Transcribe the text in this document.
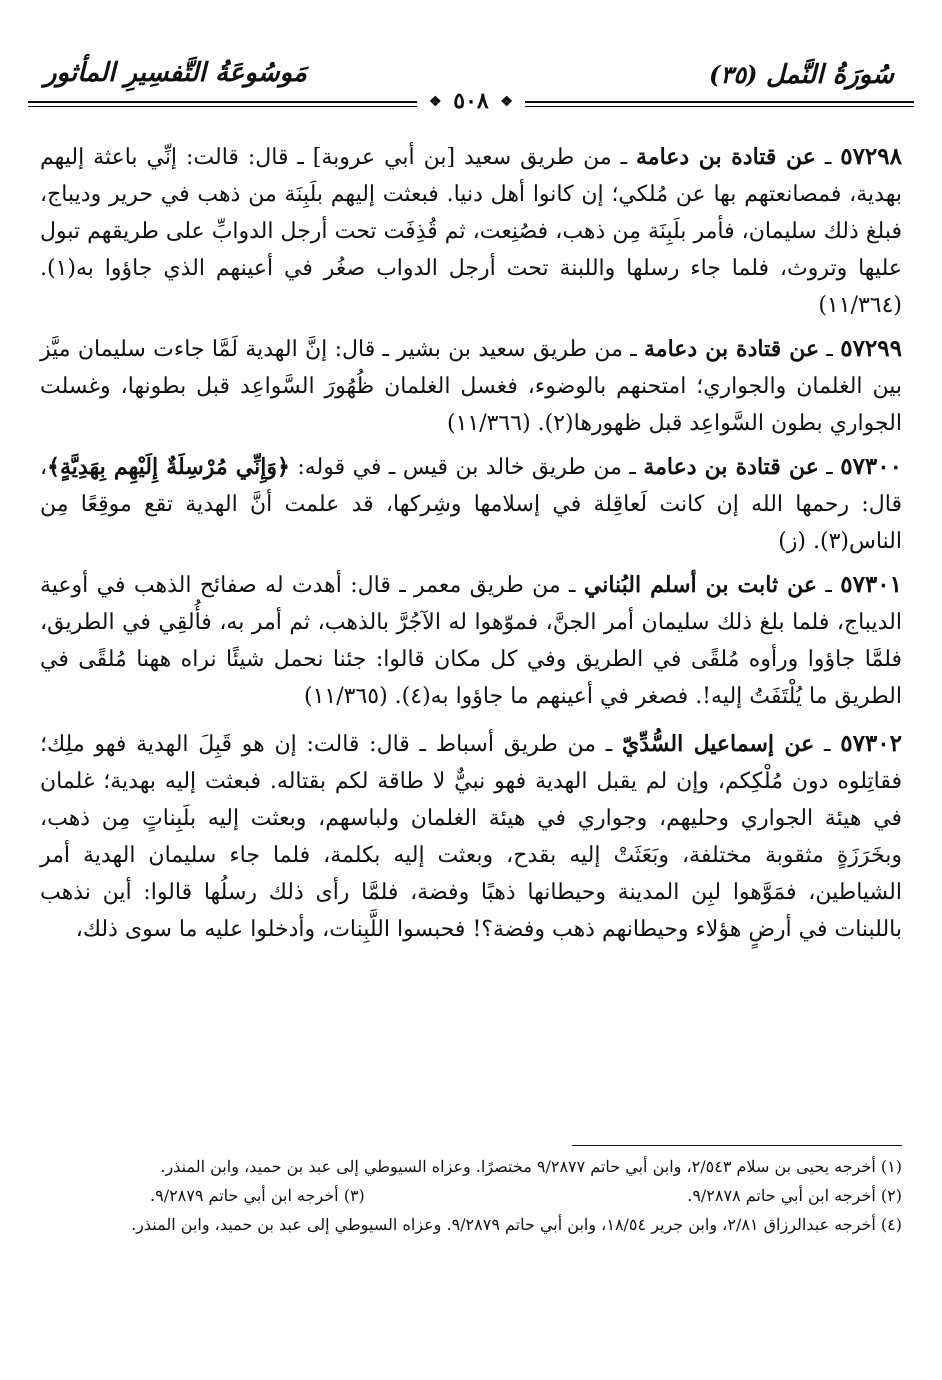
سُورَةُ النَّمل (٣٥)
مَوسُوعَةُ التَّفسِيرِ المأثور
❖ ٥٠٨ ❖

٥٧٢٩٨ ـ عن قتادة بن دعامة ـ من طريق سعيد [بن أبي عروبة] ـ قال: قالت: إنِّي باعثة إليهم بهدية، فمصانعتهم بها عن مُلكي؛ إن كانوا أهل دنيا. فبعثت إليهم بلَبِنَة من ذهب في حرير وديباج، فبلغ ذلك سليمان، فأمر بلَبِنَة مِن ذهب، فصُنِعت، ثم قُذِفَت تحت أرجل الدوابِّ على طريقهم تبول عليها وتروث، فلما جاء رسلها واللبنة تحت أرجل الدواب صغُر في أعينهم الذي جاؤوا به(١). (١١/٣٦٤)

٥٧٢٩٩ ـ عن قتادة بن دعامة ـ من طريق سعيد بن بشير ـ قال: إنَّ الهدية لَمَّا جاءت سليمان ميَّز بين الغلمان والجواري؛ امتحنهم بالوضوء، فغسل الغلمان ظُهُورَ السَّواعِد قبل بطونها، وغسلت الجواري بطون السَّواعِد قبل ظهورها(٢). (١١/٣٦٦)

٥٧٣٠٠ ـ عن قتادة بن دعامة ـ من طريق خالد بن قيس ـ في قوله: ﴿وَإِنِّي مُرْسِلَةٌ إِلَيْهِم بِهَدِيَّةٍ﴾، قال: رحمها الله إن كانت لَعاقِلة في إسلامها وشِركها، قد علمت أنَّ الهدية تقع موقِعًا مِن الناس(٣). (ز)

٥٧٣٠١ ـ عن ثابت بن أسلم البُناني ـ من طريق معمر ـ قال: أهدت له صفائح الذهب في أوعية الديباج، فلما بلغ ذلك سليمان أمر الجنَّ، فموّهوا له الآجُرَّ بالذهب، ثم أمر به، فأُلقِي في الطريق، فلمَّا جاؤوا ورأوه مُلقًى في الطريق وفي كل مكان قالوا: جئنا نحمل شيئًا نراه ههنا مُلقًى في الطريق ما يُلْتَفَتُ إليه!. فصغر في أعينهم ما جاؤوا به(٤). (١١/٣٦٥)

٥٧٣٠٢ ـ عن إسماعيل السُّدِّيّ ـ من طريق أسباط ـ قال: قالت: إن هو قَبِلَ الهدية فهو ملِك؛ فقاتِلوه دون مُلْكِكم، وإن لم يقبل الهدية فهو نبيٌّ لا طاقة لكم بقتاله. فبعثت إليه بهدية؛ غلمان في هيئة الجواري وحليهم، وجواري في هيئة الغلمان ولباسهم، وبعثت إليه بلَبِناتٍ مِن ذهب، وبخَرَزَةٍ مثقوبة مختلفة، وبَعَثَتْ إليه بقدح، وبعثت إليه بكلمة، فلما جاء سليمان الهدية أمر الشياطين، فمَوَّهوا لبِن المدينة وحيطانها ذهبًا وفضة، فلمَّا رأى ذلك رسلُها قالوا: أين نذهب باللبنات في أرضٍ هؤلاء وحيطانهم ذهب وفضة؟! فحبسوا اللَّبِنات، وأدخلوا عليه ما سوى ذلك،

(١) أخرجه يحيى بن سلام ٢/٥٤٣، وابن أبي حاتم ٩/٢٨٧٧ مختصرًا. وعزاه السيوطي إلى عبد بن حميد، وابن المنذر.
(٢) أخرجه ابن أبي حاتم ٩/٢٨٧٨.
(٣) أخرجه ابن أبي حاتم ٩/٢٨٧٩.
(٤) أخرجه عبدالرزاق ٢/٨١، وابن جرير ١٨/٥٤، وابن أبي حاتم ٩/٢٨٧٩. وعزاه السيوطي إلى عبد بن حميد، وابن المنذر.
